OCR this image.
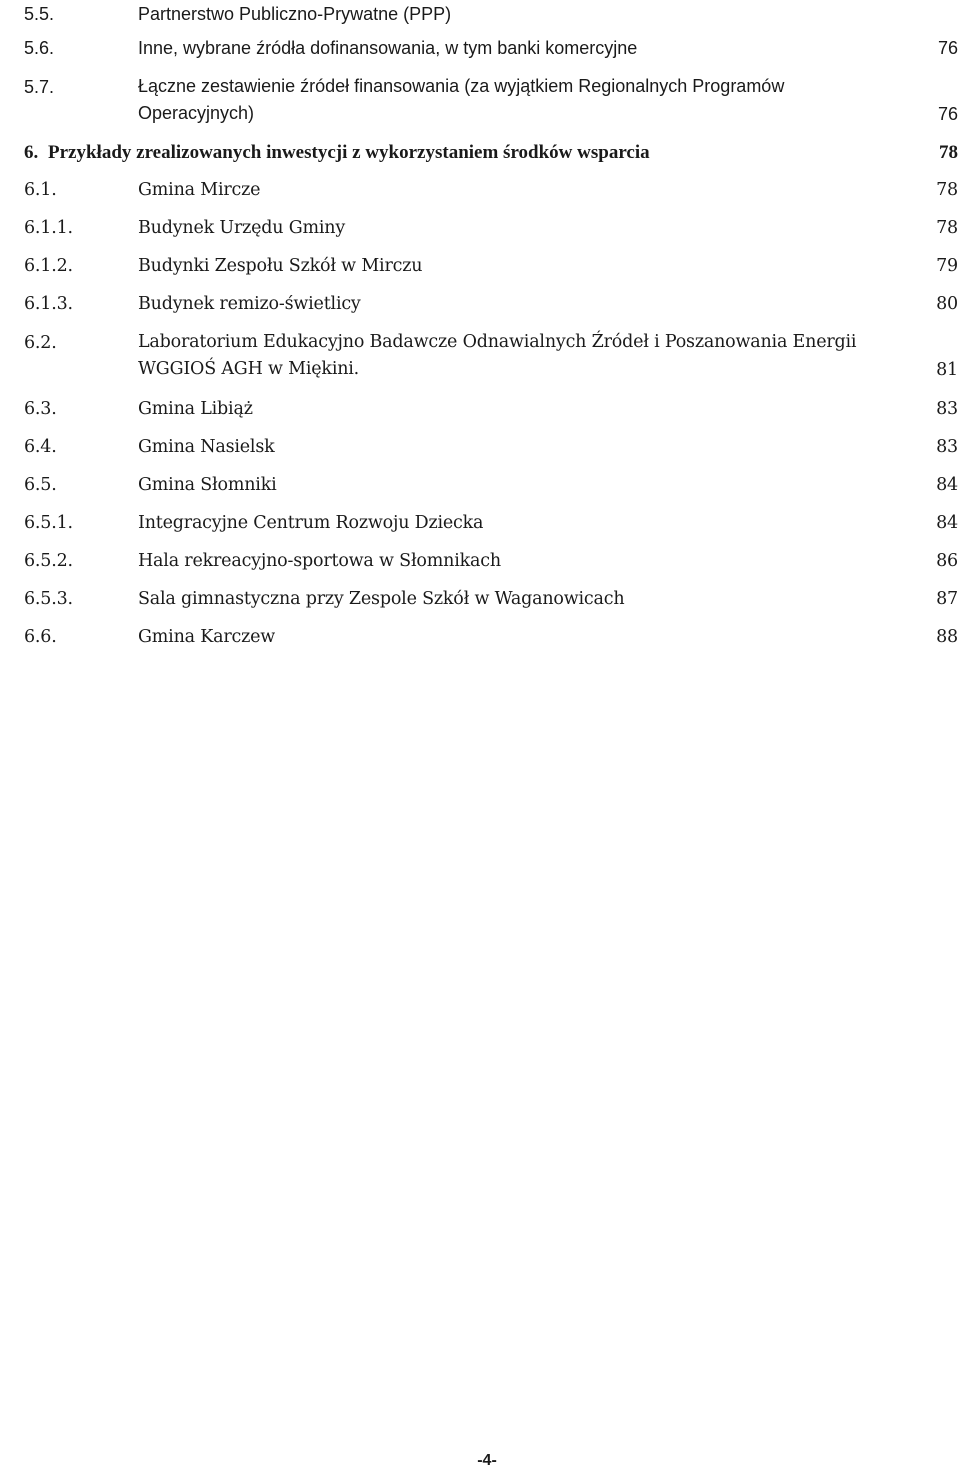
5.5.	Partnerstwo Publiczno-Prywatne (PPP)
5.6.	Inne, wybrane źródła dofinansowania, w tym banki komercyjne	76
5.7.	Łączne zestawienie źródeł finansowania (za wyjątkiem Regionalnych Programów Operacyjnych)	76
6. Przykłady zrealizowanych inwestycji z wykorzystaniem środków wsparcia	78
6.1.	Gmina Mircze	78
6.1.1.	Budynek Urzędu Gminy	78
6.1.2.	Budynki Zespołu Szkół w Mirczu	79
6.1.3.	Budynek remizo-świetlicy	80
6.2.	Laboratorium Edukacyjno Badawcze Odnawialnych Źródeł i Poszanowania Energii WGGIOŚ AGH w Miękini.	81
6.3.	Gmina Libiąż	83
6.4.	Gmina Nasielsk	83
6.5.	Gmina Słomniki	84
6.5.1.	Integracyjne Centrum Rozwoju Dziecka	84
6.5.2.	Hala rekreacyjno-sportowa w Słomnikach	86
6.5.3.	Sala gimnastyczna przy Zespole Szkół w Waganowicach	87
6.6.	Gmina Karczew	88
-4-
